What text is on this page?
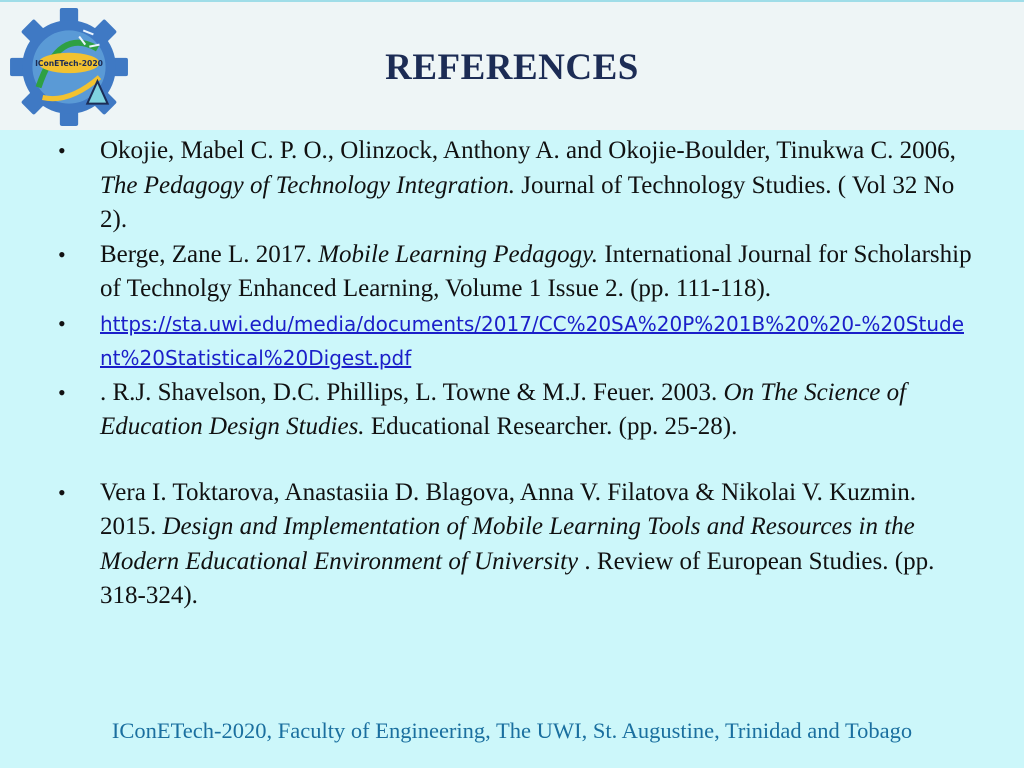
IConETech-2020	REFERENCES
• Okojie, Mabel C. P. O., Olinzock, Anthony A. and Okojie-Boulder, Tinukwa C. 2006, The Pedagogy of Technology Integration. Journal of Technology Studies. ( Vol 32 No 2).
• Berge, Zane L. 2017. Mobile Learning Pedagogy. International Journal for Scholarship of Technolgy Enhanced Learning, Volume 1 Issue 2. (pp. 111-118).
• https://sta.uwi.edu/media/documents/2017/CC%20SA%20P%201B%20%20-%20Student%20Statistical%20Digest.pdf
• . R.J. Shavelson, D.C. Phillips, L. Towne & M.J. Feuer. 2003. On The Science of Education Design Studies. Educational Researcher. (pp. 25-28).
• Vera I. Toktarova, Anastasiia D. Blagova, Anna V. Filatova & Nikolai V. Kuzmin. 2015. Design and Implementation of Mobile Learning Tools and Resources in the Modern Educational Environment of University . Review of European Studies. (pp. 318-324).
IConETech-2020, Faculty of Engineering, The UWI, St. Augustine, Trinidad and Tobago
